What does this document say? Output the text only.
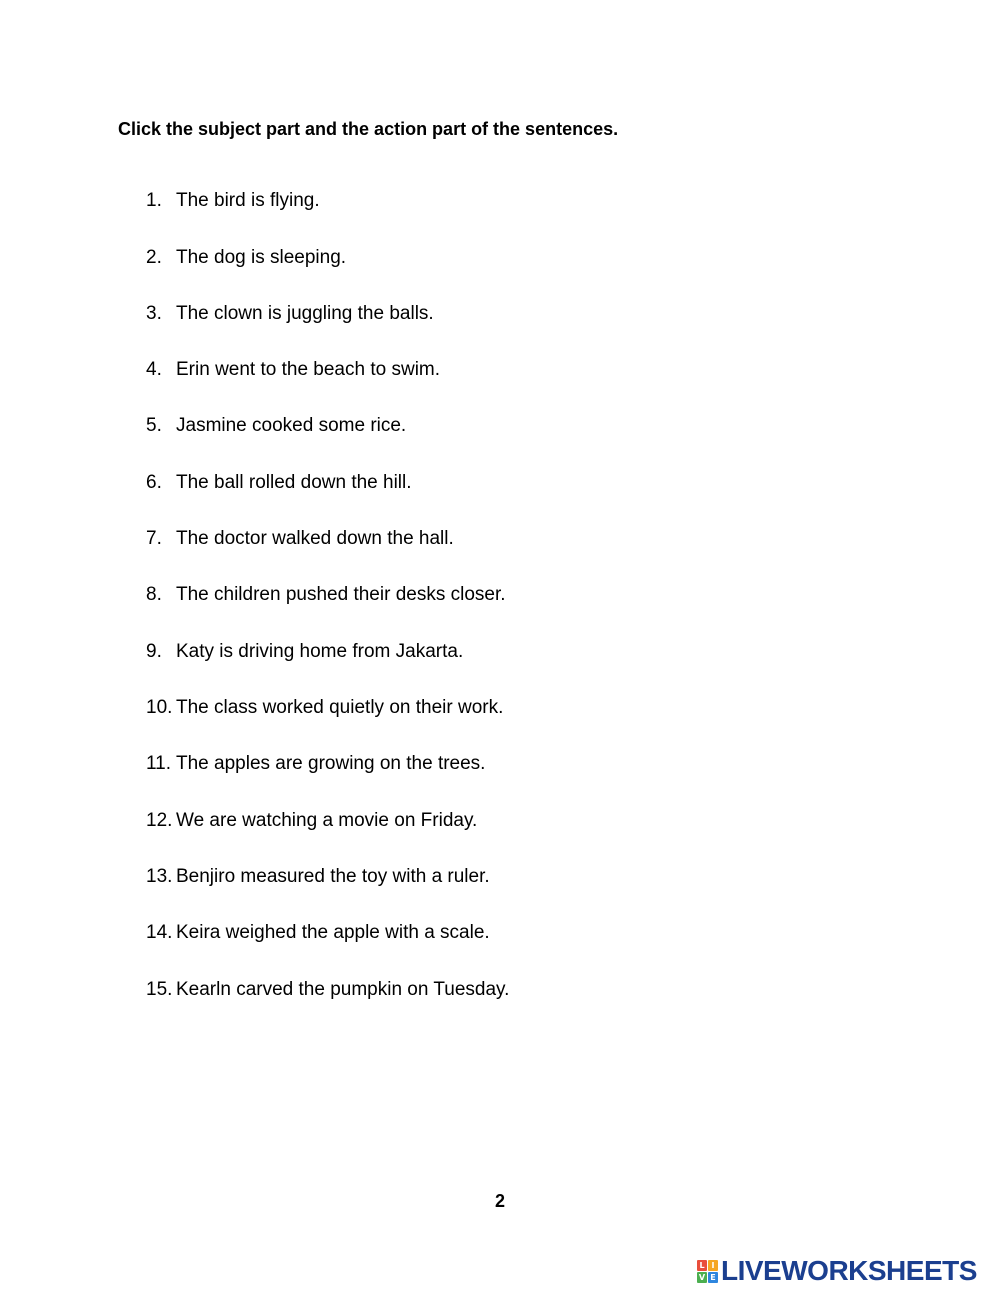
Click the subject part and the action part of the sentences.
1. The bird is flying.
2. The dog is sleeping.
3. The clown is juggling the balls.
4. Erin went to the beach to swim.
5. Jasmine cooked some rice.
6. The ball rolled down the hill.
7. The doctor walked down the hall.
8. The children pushed their desks closer.
9. Katy is driving home from Jakarta.
10. The class worked quietly on their work.
11. The apples are growing on the trees.
12. We are watching a movie on Friday.
13. Benjiro measured the toy with a ruler.
14. Keira weighed the apple with a scale.
15. Kearln carved the pumpkin on Tuesday.
2
L I
V E LIVEWORKSHEETS
